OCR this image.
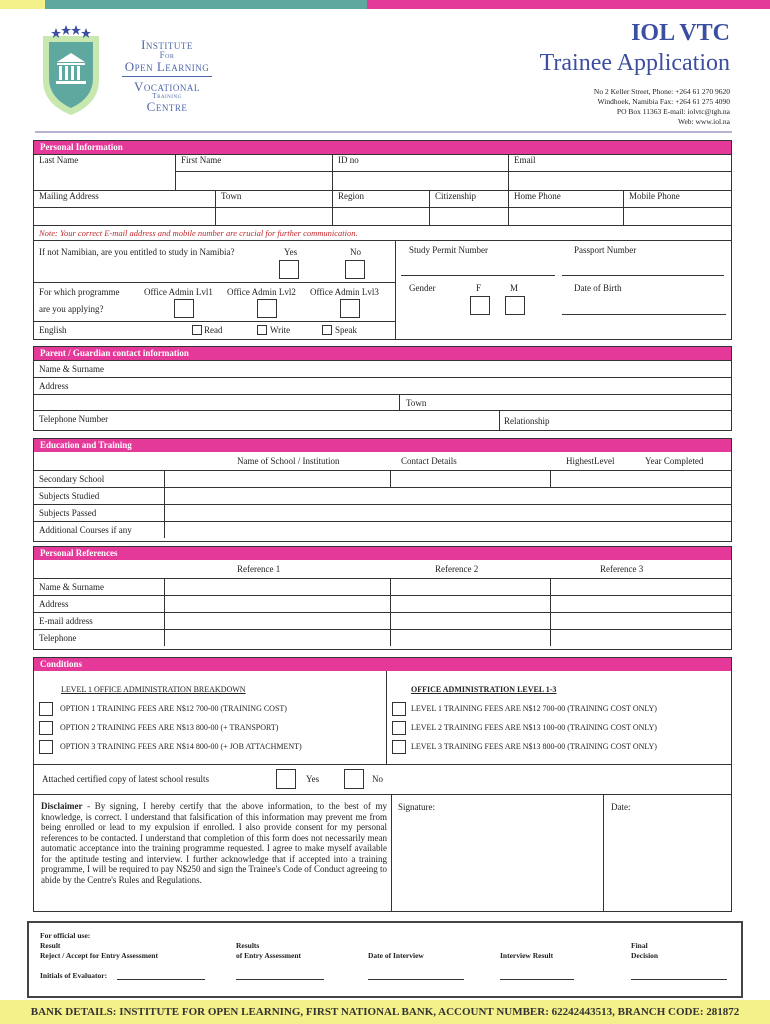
Institute
For
Open Learning
Vocational
Training
Centre
IOL VTC
Trainee Application
No 2 Keller Street, Phone: +264 61 270 9620
Windhoek, Namibia Fax: +264 61 275 4090
PO Box 11363 E-mail: iolvtc@tgh.na
Web: www.iol.na
Personal Information
Last Name	First Name	ID no	Email
Mailing Address	Town	Region	Citizenship	Home Phone	Mobile Phone
Note: Your correct E-mail address and mobile number are crucial for further communication.
If not Namibian, are you entitled to study in Namibia?	Yes	No
For which programme
are you applying?
Office Admin Lvl1 Office Admin Lvl2 Office Admin Lvl3
English	Read	Write	Speak
Study Permit Number	Passport Number
Gender	F	M	Date of Birth
Parent / Guardian contact information
Name & Surname
Address
Town
Telephone Number	Relationship
Education and Training
Name of School / Institution	Contact Details	HighestLevel	Year Completed
Secondary School
Subjects Studied
Subjects Passed
Additional Courses if any
Personal References
Reference 1	Reference 2	Reference 3
Name & Surname
Address
E-mail address
Telephone
Conditions
LEVEL 1 OFFICE ADMINISTRATION BREAKDOWN
OPTION 1 TRAINING FEES ARE N$12 700-00 (TRAINING COST)
OPTION 2 TRAINING FEES ARE N$13 800-00 (+ TRANSPORT)
OPTION 3 TRAINING FEES ARE N$14 800-00 (+ JOB ATTACHMENT)
OFFICE ADMINISTRATION LEVEL 1-3
LEVEL 1 TRAINING FEES ARE N$12 700-00 (TRAINING COST ONLY)
LEVEL 2 TRAINING FEES ARE N$13 100-00 (TRAINING COST ONLY)
LEVEL 3 TRAINING FEES ARE N$13 800-00 (TRAINING COST ONLY)
Attached certified copy of latest school results	Yes	No
Disclaimer - By signing, I hereby certify that the above information, to the best of my knowledge, is correct. I understand that falsification of this information may prevent me from being enrolled or lead to my expulsion if enrolled. I also provide consent for my personal references to be contacted. I understand that completion of this form does not necessarily mean automatic acceptance into the training programme requested. I agree to make myself available for the aptitude testing and interview. I further acknowledge that if accepted into a training programme, I will be required to pay N$250 and sign the Trainee's Code of Conduct agreeing to abide by the Centre's Rules and Regulations.
Signature:	Date:
For official use:
Result
Reject / Accept for Entry Assessment
Results
of Entry Assessment	Date of Interview	Interview Result
Final
Decision
Initials of Evaluator:
BANK DETAILS: INSTITUTE FOR OPEN LEARNING, FIRST NATIONAL BANK, ACCOUNT NUMBER: 62242443513, BRANCH CODE: 281872
